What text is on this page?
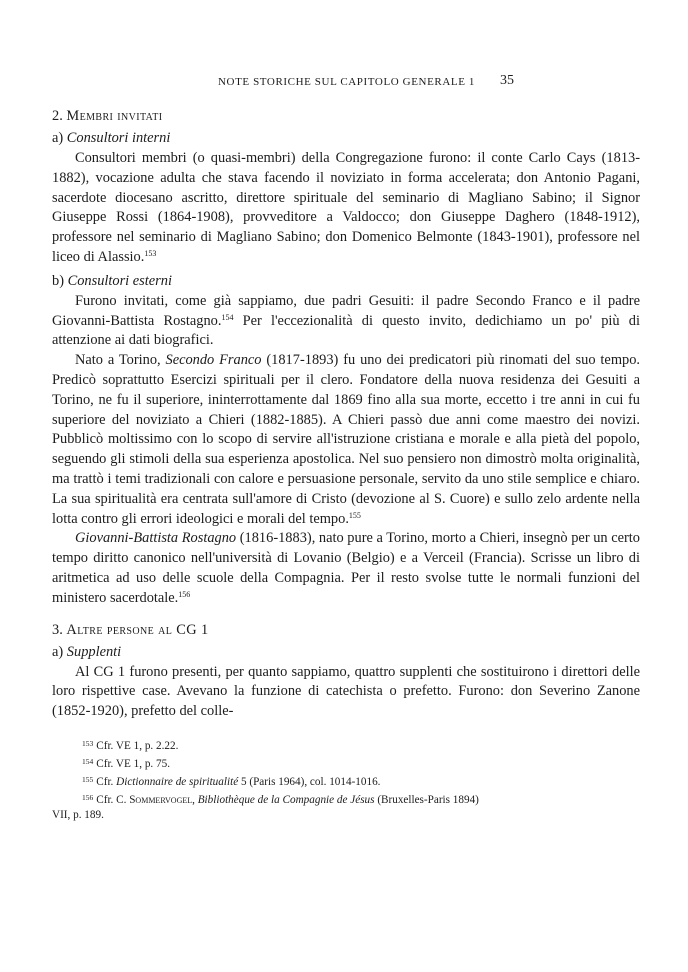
NOTE STORICHE SUL CAPITOLO GENERALE 1	35
2. Membri invitati
a) Consultori interni

Consultori membri (o quasi-membri) della Congregazione furono: il conte Carlo Cays (1813-1882), vocazione adulta che stava facendo il noviziato in forma accelerata; don Antonio Pagani, sacerdote diocesano ascritto, direttore spirituale del seminario di Magliano Sabino; il Signor Giuseppe Rossi (1864-1908), provveditore a Valdocco; don Giuseppe Daghero (1848-1912), professore nel seminario di Magliano Sabino; don Domenico Belmonte (1843-1901), professore nel liceo di Alassio.$^{153}$

b) Consultori esterni

Furono invitati, come già sappiamo, due padri Gesuiti: il padre Secondo Franco e il padre Giovanni-Battista Rostagno.$^{154}$ Per l'eccezionalità di questo invito, dedichiamo un po' più di attenzione ai dati biografici.

Nato a Torino, Secondo Franco (1817-1893) fu uno dei predicatori più rinomati del suo tempo. Predicò soprattutto Esercizi spirituali per il clero. Fondatore della nuova residenza dei Gesuiti a Torino, ne fu il superiore, ininterrottamente dal 1869 fino alla sua morte, eccetto i tre anni in cui fu superiore del noviziato a Chieri (1882-1885). A Chieri passò due anni come maestro dei novizi. Pubblicò moltissimo con lo scopo di servire all'istruzione cristiana e morale e alla pietà del popolo, seguendo gli stimoli della sua esperienza apostolica. Nel suo pensiero non dimostrò molta originalità, ma trattò i temi tradizionali con calore e persuasione personale, servito da uno stile semplice e chiaro. La sua spiritualità era centrata sull'amore di Cristo (devozione al S. Cuore) e sullo zelo ardente nella lotta contro gli errori ideologici e morali del tempo.$^{155}$

Giovanni-Battista Rostagno (1816-1883), nato pure a Torino, morto a Chieri, insegnò per un certo tempo diritto canonico nell'università di Lovanio (Belgio) e a Verceil (Francia). Scrisse un libro di aritmetica ad uso delle scuole della Compagnia. Per il resto svolse tutte le normali funzioni del ministero sacerdotale.$^{156}$

3. Altre persone al CG 1
a) Supplenti

Al CG 1 furono presenti, per quanto sappiamo, quattro supplenti che sostituirono i direttori delle loro rispettive case. Avevano la funzione di catechista o prefetto. Furono: don Severino Zanone (1852-1920), prefetto del colle-

$^{153}$ Cfr. VE 1, p. 2.22.

$^{154}$ Cfr. VE 1, p. 75.

$^{155}$ Cfr. Dictionnaire de spiritualité 5 (Paris 1964), col. 1014-1016.

$^{156}$ Cfr. C. Sommervogel, Bibliothèque de la Compagnie de Jésus (Bruxelles-Paris 1894)

VII, p. 189.
